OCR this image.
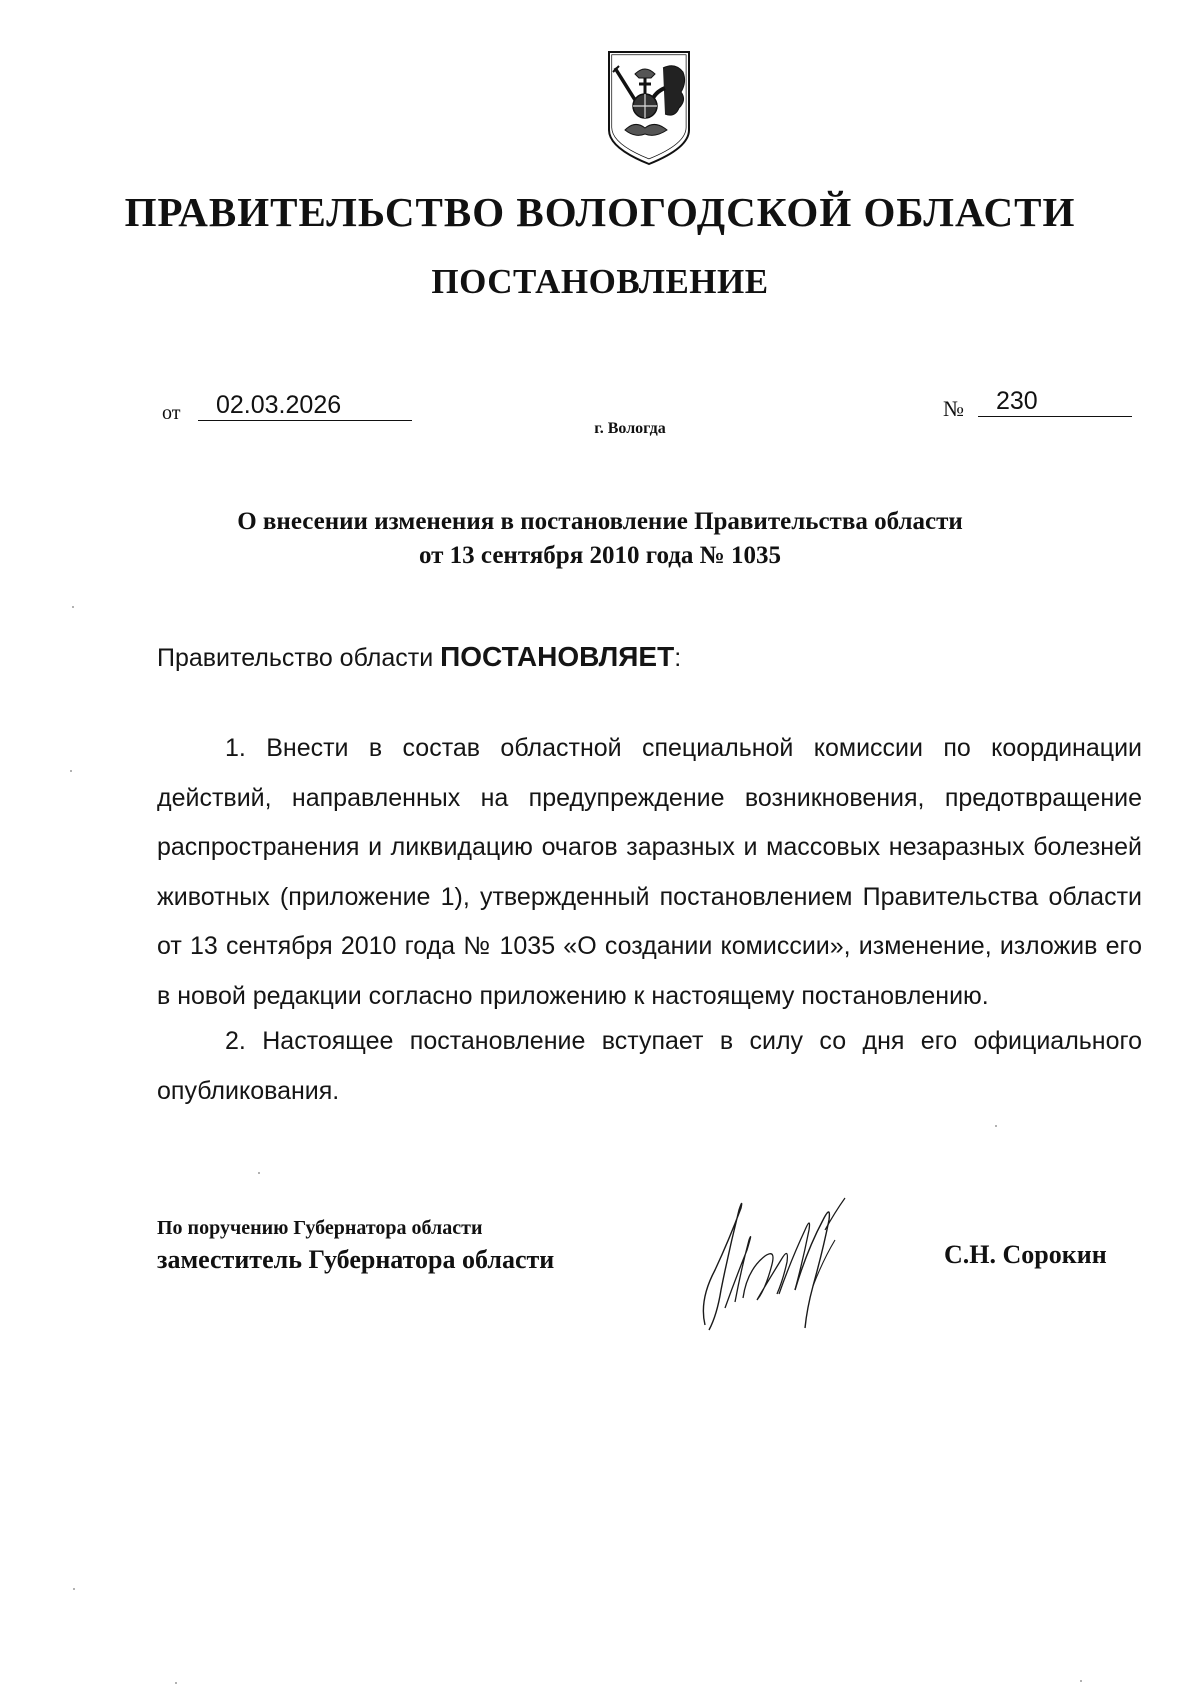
ПРАВИТЕЛЬСТВО ВОЛОГОДСКОЙ ОБЛАСТИ
ПОСТАНОВЛЕНИЕ
от	02.03.2026	№	230
г. Вологда
О внесении изменения в постановление Правительства области
от 13 сентября 2010 года № 1035
Правительство области ПОСТАНОВЛЯЕТ:

1. Внести в состав областной специальной комиссии по координации действий, направленных на предупреждение возникновения, предотвращение распространения и ликвидацию очагов заразных и массовых незаразных болезней животных (приложение 1), утвержденный постановлением Правительства области от 13 сентября 2010 года № 1035 «О создании комиссии», изменение, изложив его в новой редакции согласно приложению к настоящему постановлению.

2. Настоящее постановление вступает в силу со дня его официального опубликования.

По поручению Губернатора области
заместитель Губернатора области	С.Н. Сорокин
